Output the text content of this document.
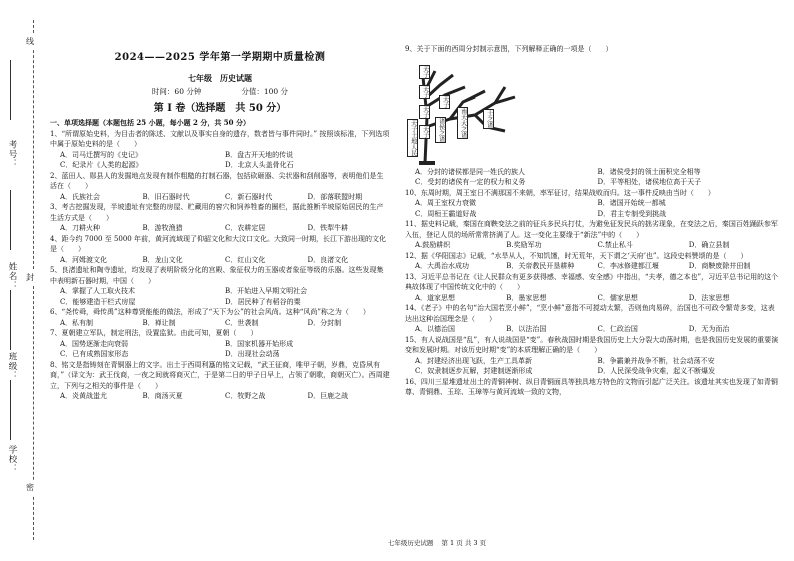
线
封
密
考号：
姓名：
班级：
学校：
2024——2025 学年第一学期期中质量检测
七年级　历史试题
时间：60 分钟	分值：100 分
第 I 卷（选择题　共 50 分）
一、单项选择题（本题包括 25 小题，每小题 2 分，共 50 分）

1、“所谓原始史料，为目击者的陈述、文献以及事实自身的遗存，数者皆与事件同时。” 按照该标准，下列选项中属于原始史料的是（　　）

A．司马迁撰写的《史记》	B．盘古开天地的传说
C．纪录片《人类的起源》	D．北京人头盖骨化石

2、蓝田人、郧县人的发掘地点发现有制作粗糙的打制石器，包括砍砸器、尖状器和刮削器等，表明他们是生活在（　　）

A．氏族社会	B．旧石器时代	C．新石器时代	D．部落联盟时期

3、考古挖掘发现，半坡遗址有完整的房屋、贮藏用的窖穴和饲养牲畜的圈栏，据此推断半坡原始居民的生产生活方式是（　　）

A．刀耕火种	B．游牧渔猎	C．农耕定居	D．铁犁牛耕

4、距今约 7000 至 5000 年前，黄河流域现了仰韶文化和大汶口文化。大致同一时期，长江下游出现的文化是（　　）

A．河姆渡文化	B．龙山文化	C．红山文化	D．良渚文化

5、良渚遗址和陶寺遗址，均发现了表明阶级分化的宫殿、象征权力的玉器或者象征等级的乐器。这些发现集中表明新石器时期，中国（　　）

A．掌握了人工取火技术	B．开始进入早期文明社会
C．能够建造干栏式房屋	D．居民种了有稻谷的粟

6、“尧传舜，舜传禹”这种尊贤能能的做法，形成了“天下为公”的社会风尚。这种“风尚”称之为（　　）

A．私有制	B．禅让制	C．世袭制	D．分封制

7、夏朝建立军队，制定刑法，设置监狱。由此可知，夏朝（　　）

A．国势逐渐走向衰弱	B．国家机器开始形成
C．已有成熟国家形态	D．出现社会动荡

8、铭文是指铸刻在青铜器上的文字。出土于西周利簋的铭文记载，“武王征商，唯甲子朝，岁鼎，克昏夙有商，”（译文为：武王伐商，一夜之间就将商灭亡，于是第二日的甲子日早上，占领了朝歌，商朝灭亡）。西周建立，下列与之相关的事件是（　　）

A．炎黄战蚩尤	B．商汤灭夏	C．牧野之战	D．巨鹿之战

9、关于下面的西周分封制示意图，下列解释正确的一项是（　　）

天子
天子
天子
天子
天子
南天大之诸
诸侯之诸	士之诸
天子土地人民
A．分封的诸侯都是同一姓氏的族人	B．诸侯受封的领土面积完全相等
C．受封的诸侯有一定的权力和义务	D．平等相处，诸侯地位高于天子

10、东周时期，周王室日不满那国不来朝，率军征讨，结果战败而归。这一事件反映由当时（　　）

A．周王室权力衰微	B．诸国开始统一都城
C．周桓王霸道好战	D．君主专制受到挑战

11、据史料记载，秦国在商鞅变法之前的征兵多民兵打仗，为避免征发民兵的拙劣现象，在变法之后，秦国百姓踊跃参军入伍，登记人员的场所常常挤满了人。这一变化主要缘于“新法”中的（　　）

A.鼓励耕织	B.奖励军功	C.禁止私斗	D．确立县制

12、据《华阳国志》记载，“水旱从人，不知饥馑，时无荒年，天下谓之‘天府’也”。这段史料赞颂的是（　　）

A．大禹治水成功	B．关帝教民开垦耕种	C．李冰修建都江堰	D．商鞅废除井田制

13、习近平总书记在《让人民群众有更多获得感、幸福感、安全感》中指出，“夫孝，德之本也”，习近平总书记用的这个典故体现了中国传统文化中的（　　）

A．道家思想	B．墨家思想	C．儒家思想	D．法家思想

14、《老子》中的名句“治大国若烹小鲜”，“烹小鲜”意指不可搅动太繁，否则鱼肉易碎，治国也不可政令繁苛多变，这表达出这种治国理念是（　　）

A．以德治国	B．以法治国	C．仁政治国	D．无为而治

15、有人说战国是“乱”，有人说战国是“变”。春秋战国时期是我国历史上大分裂大动荡时期，也是我国历史发展的重要演变和发展时期。对该历史时期“变”的本质理解正确的是（　　）

A．封建经济出现飞跃，生产工具革新	B．争霸兼并战争不断，社会动荡不安
C．奴隶制逐步瓦解，封建制逐渐形成	D．人民深受战争灾难，起义不断爆发

16、四川三星堆遗址出土的青铜神树、纵目青铜面具等独具地方特色的文物而引起广泛关注。该遗址其实也发现了如青铜尊、青铜鼎、玉琮、玉璋等与黄河流域一致的文物，

七年级历史试题 第 1 页 共 3 页
